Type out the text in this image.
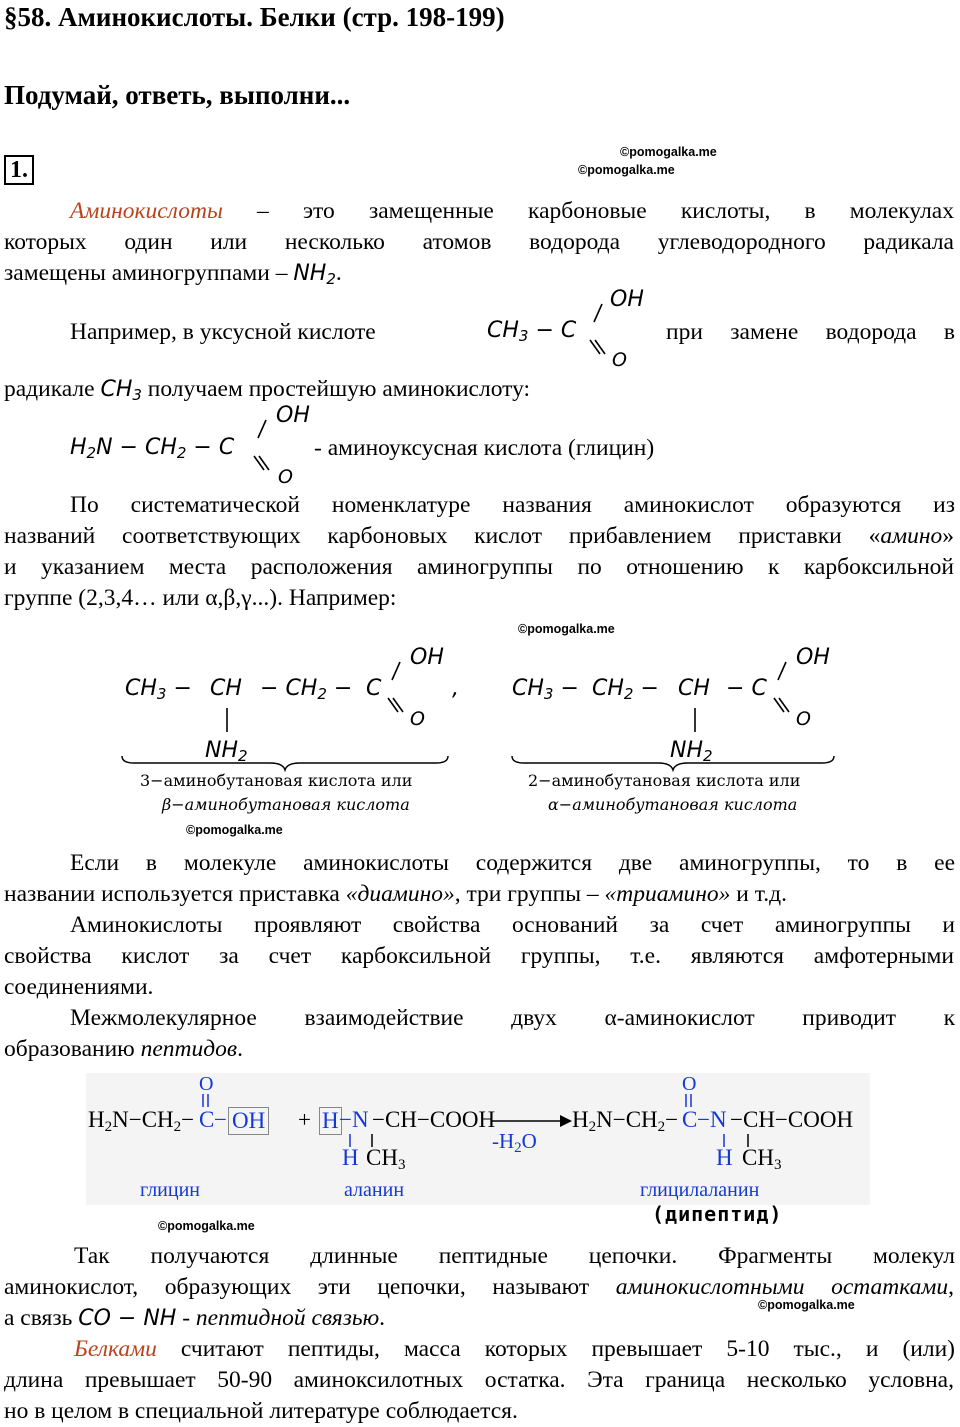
§58. Аминокислоты. Белки (стр. 198-199)
Подумай, ответь, выполни...
1.
©pomogalka.me
©pomogalka.me
Аминокислоты – это замещенные карбоновые кислоты, в молекулах
которых один или несколько атомов водорода углеводородного радикала
замещены аминогруппами – $NH_2$.
Например, в уксусной кислоте	$CH_3 - C$
OH
O
при замене водорода в
радикале $CH_3$ получаем простейшую аминокислоту:
$H_2N - CH_2 - C$
OH
O
- аминоуксусная кислота (глицин)
По систематической номенклатуре названия аминокислот образуются из
названий соответствующих карбоновых кислот прибавлением приставки «амино»
и указанием места расположения аминогруппы по отношению к карбоксильной
группе (2,3,4… или α,β,γ...). Например:
©pomogalka.me
$CH_3$ − CH − $CH_2 - C$
OH
O
,
$NH_2$
3−аминобутановая кислота или
β−аминобутановая кислота
$CH_3 - CH_2$ − CH − C
OH
O
$NH_2$
2−аминобутановая кислота или
α−аминобутановая кислота
©pomogalka.me
Если в молекуле аминокислоты содержится две аминогруппы, то в ее
названии используется приставка «диамино», три группы – «триамино» и т.д.
Аминокислоты проявляют свойства оснований за счет аминогруппы и
свойства кислот за счет карбоксильной группы, т.е. являются амфотерными
соединениями.
Межмолекулярное взаимодействие двух α-аминокислот приводит к
образованию пептидов.
$H_2N-CH_2- C$
O
− OH + H −N −CH−COOH
H $CH_3$
$-H_2O$
$H_2N-CH_2- C$
O
−N −CH−COOH
H $CH_3$
глицин	аланин	глицилаланин
(дипептид)
©pomogalka.me
Так получаются длинные пептидные цепочки. Фрагменты молекул
аминокислот, образующих эти цепочки, называют аминокислотными остатками,
а связь CO − NH - пептидной связью.	©pomogalka.me
Белками считают пептиды, масса которых превышает 5-10 тыс., и (или)
длина превышает 50-90 аминоксилотных остатка. Эта граница несколько условна,
но в целом в специальной литературе соблюдается.
